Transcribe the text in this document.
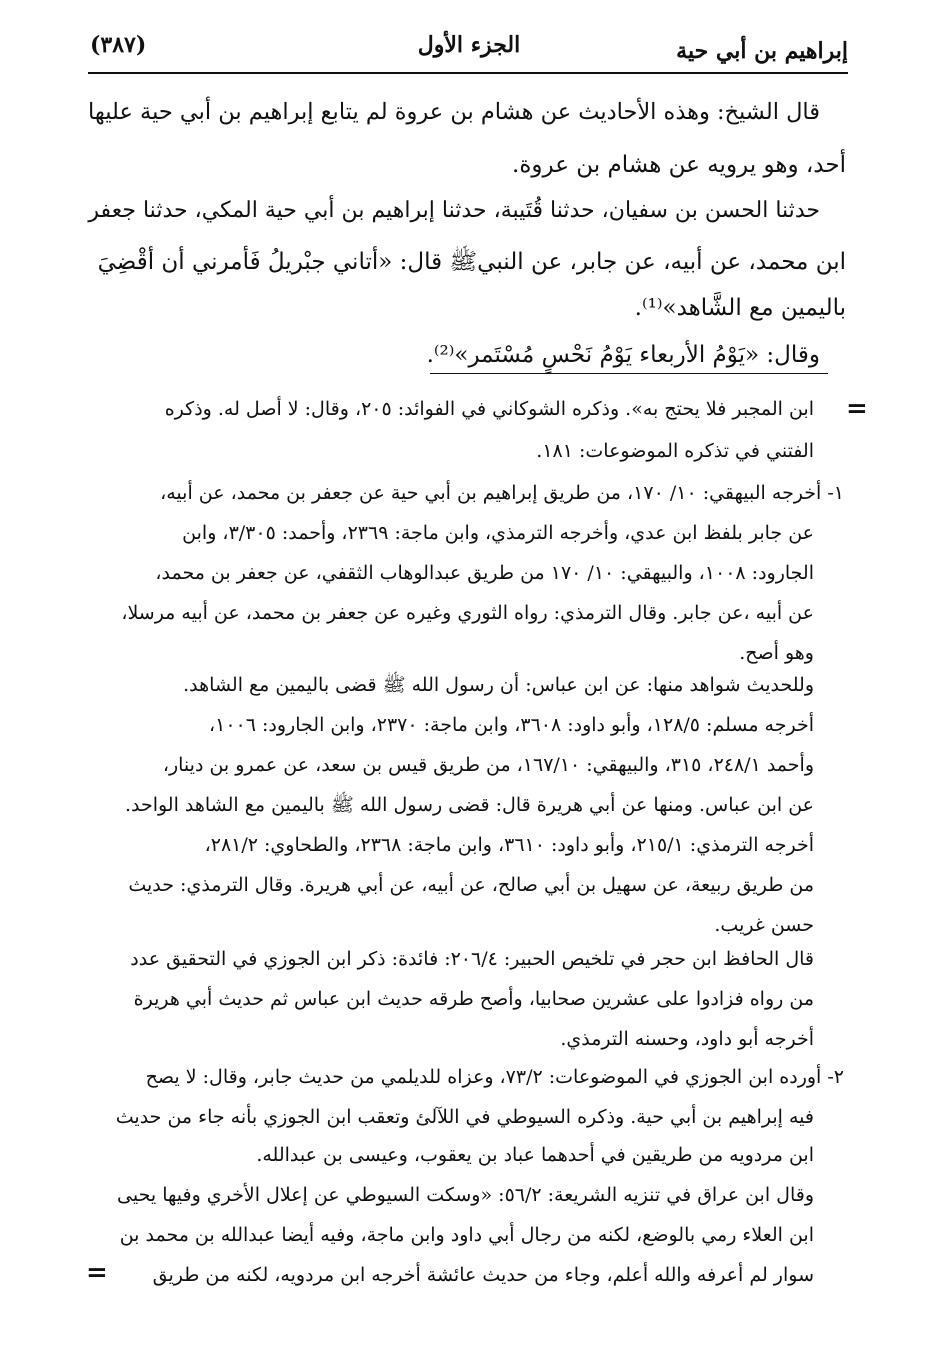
إبراهيم بن أبي حية
الجزء الأول
(٣٨٧)
قال الشيخ: وهذه الأحاديث عن هشام بن عروة لم يتابع إبراهيم بن أبي حية عليها
أحد، وهو يرويه عن هشام بن عروة.
حدثنا الحسن بن سفيان، حدثنا قُتَيبة، حدثنا إبراهيم بن أبي حية المكي، حدثنا جعفر
ابن محمد، عن أبيه، عن جابر، عن النبيﷺ قال: «أتاني جبْريلُ فَأمرني أن أقْضِيَ
باليمين مع الشَّاهد»⁽¹⁾.
وقال: «يَوْمُ الأربعاء يَوْمُ نَحْسٍ مُسْتَمر»⁽²⁾.
ابن المجبر فلا يحتج به». وذكره الشوكاني في الفوائد: ٢٠٥، وقال: لا أصل له. وذكره
الفتني في تذكره الموضوعات: ١٨١.
١- أخرجه البيهقي: ١٠/ ١٧٠، من طريق إبراهيم بن أبي حية عن جعفر بن محمد، عن أبيه،
عن جابر بلفظ ابن عدي، وأخرجه الترمذي، وابن ماجة: ٢٣٦٩، وأحمد: ٣/٣٠٥، وابن
الجارود: ١٠٠٨، والبيهقي: ١٠/ ١٧٠ من طريق عبدالوهاب الثقفي، عن جعفر بن محمد،
عن أبيه ،عن جابر. وقال الترمذي: رواه الثوري وغيره عن جعفر بن محمد، عن أبيه مرسلا،
وهو أصح.
وللحديث شواهد منها: عن ابن عباس: أن رسول الله ﷺ قضى باليمين مع الشاهد.
أخرجه مسلم: ١٢٨/٥، وأبو داود: ٣٦٠٨، وابن ماجة: ٢٣٧٠، وابن الجارود: ١٠٠٦،
وأحمد ٢٤٨/١، ٣١٥، والبيهقي: ١٦٧/١٠، من طريق قيس بن سعد، عن عمرو بن دينار،
عن ابن عباس. ومنها عن أبي هريرة قال: قضى رسول الله ﷺ باليمين مع الشاهد الواحد.
أخرجه الترمذي: ٢١٥/١، وأبو داود: ٣٦١٠، وابن ماجة: ٢٣٦٨، والطحاوي: ٢٨١/٢،
من طريق ربيعة، عن سهيل بن أبي صالح، عن أبيه، عن أبي هريرة. وقال الترمذي: حديث
حسن غريب.
قال الحافظ ابن حجر في تلخيص الحبير: ٢٠٦/٤: فائدة: ذكر ابن الجوزي في التحقيق عدد
من رواه فزادوا على عشرين صحابيا، وأصح طرقه حديث ابن عباس ثم حديث أبي هريرة
أخرجه أبو داود، وحسنه الترمذي.
٢- أورده ابن الجوزي في الموضوعات: ٧٣/٢، وعزاه للديلمي من حديث جابر، وقال: لا يصح
فيه إبراهيم بن أبي حية. وذكره السيوطي في اللآلئ وتعقب ابن الجوزي بأنه جاء من حديث
ابن مردويه من طريقين في أحدهما عباد بن يعقوب، وعيسى بن عبدالله.
وقال ابن عراق في تنزيه الشريعة: ٥٦/٢: «وسكت السيوطي عن إعلال الأخري وفيها يحيى
ابن العلاء رمي بالوضع، لكنه من رجال أبي داود وابن ماجة، وفيه أيضا عبدالله بن محمد بن
سوار لم أعرفه والله أعلم، وجاء من حديث عائشة أخرجه ابن مردويه، لكنه من طريق
=
=
